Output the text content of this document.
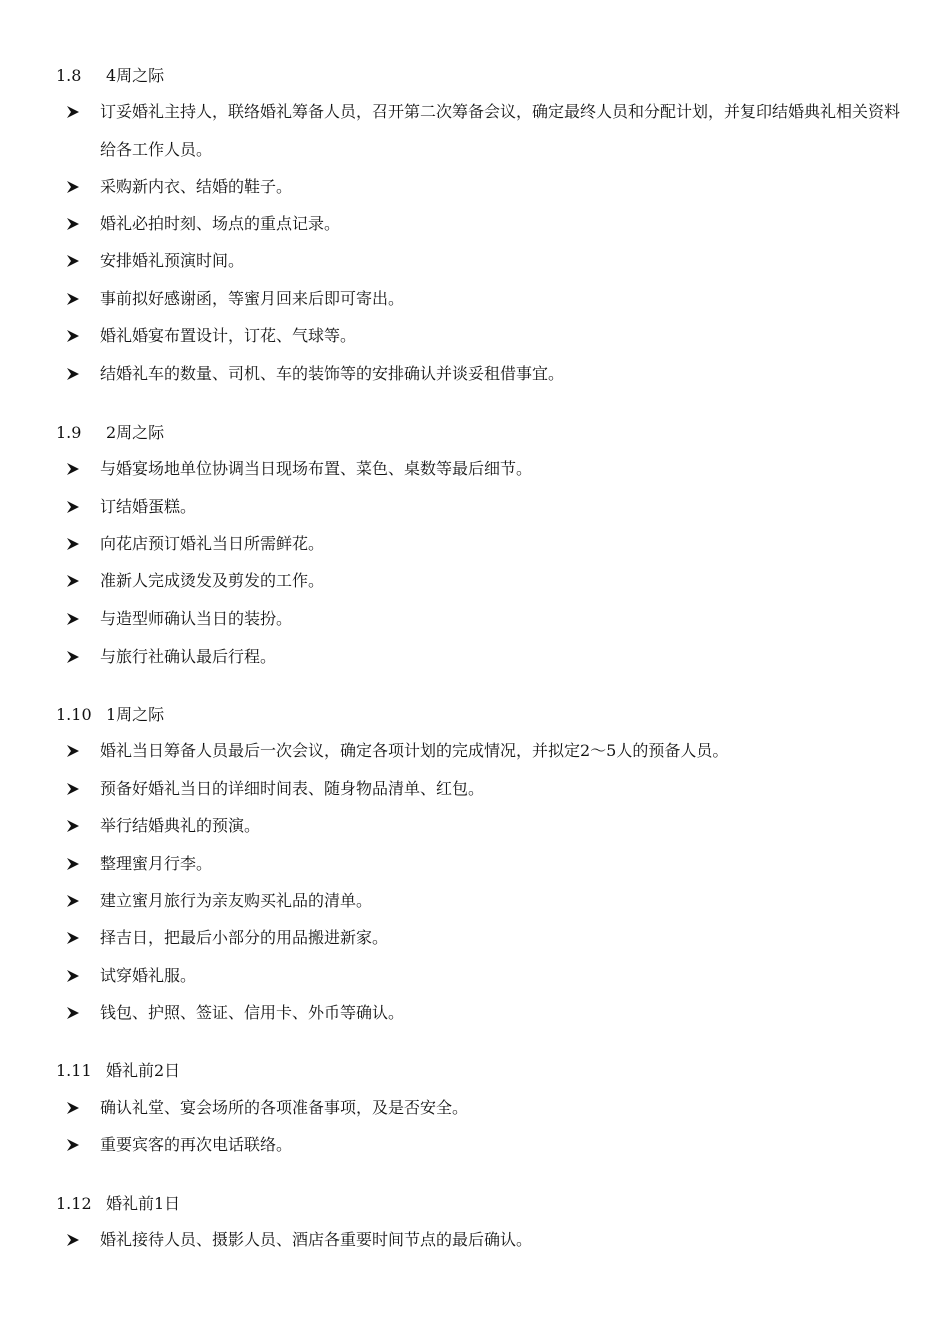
1.8 4周之际
订妥婚礼主持人，联络婚礼筹备人员，召开第二次筹备会议，确定最终人员和分配计划，并复印结婚典礼相关资料给各工作人员。
采购新内衣、结婚的鞋子。
婚礼必拍时刻、场点的重点记录。
安排婚礼预演时间。
事前拟好感谢函，等蜜月回来后即可寄出。
婚礼婚宴布置设计，订花、气球等。
结婚礼车的数量、司机、车的装饰等的安排确认并谈妥租借事宜。
1.9 2周之际
与婚宴场地单位协调当日现场布置、菜色、桌数等最后细节。
订结婚蛋糕。
向花店预订婚礼当日所需鲜花。
准新人完成烫发及剪发的工作。
与造型师确认当日的装扮。
与旅行社确认最后行程。
1.10 1周之际
婚礼当日筹备人员最后一次会议，确定各项计划的完成情况，并拟定2～5人的预备人员。
预备好婚礼当日的详细时间表、随身物品清单、红包。
举行结婚典礼的预演。
整理蜜月行李。
建立蜜月旅行为亲友购买礼品的清单。
择吉日，把最后小部分的用品搬进新家。
试穿婚礼服。
钱包、护照、签证、信用卡、外币等确认。
1.11 婚礼前2日
确认礼堂、宴会场所的各项准备事项，及是否安全。
重要宾客的再次电话联络。
1.12 婚礼前1日
婚礼接待人员、摄影人员、酒店各重要时间节点的最后确认。
